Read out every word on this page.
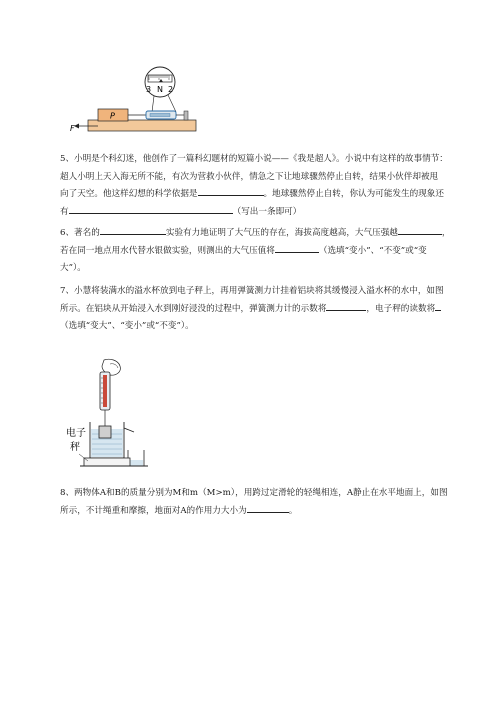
3 N 2
P
F

5、小明是个科幻迷，他创作了一篇科幻题材的短篇小说——《我是超人》。小说中有这样的故事情节：

超人小明上天入海无所不能，有次为营救小伙伴，情急之下让地球骤然停止自转，结果小伙伴却被甩

向了天空。他这样幻想的科学依据是	。地球骤然停止自转，你认为可能发生的现象还

有	（写出一条即可）

6、著名的	实验有力地证明了大气压的存在，海拔高度越高，大气压强越	，

若在同一地点用水代替水银做实验，则测出的大气压值将	（选填“变小”、“不变”或“变

大”）。

7、小慧将装满水的溢水杯放到电子秤上，再用弹簧测力计挂着铝块将其缓慢浸入溢水杯的水中，如图

所示。在铝块从开始浸入水到刚好浸没的过程中，弹簧测力计的示数将	，电子秤的读数将

（选填“变大”、“变小”或“不变”）。

电子
秤

8、两物体A和B的质量分别为M和m（M>m），用跨过定滑轮的轻绳相连，A静止在水平地面上，如图

所示，不计绳重和摩擦，地面对A的作用力大小为	。
